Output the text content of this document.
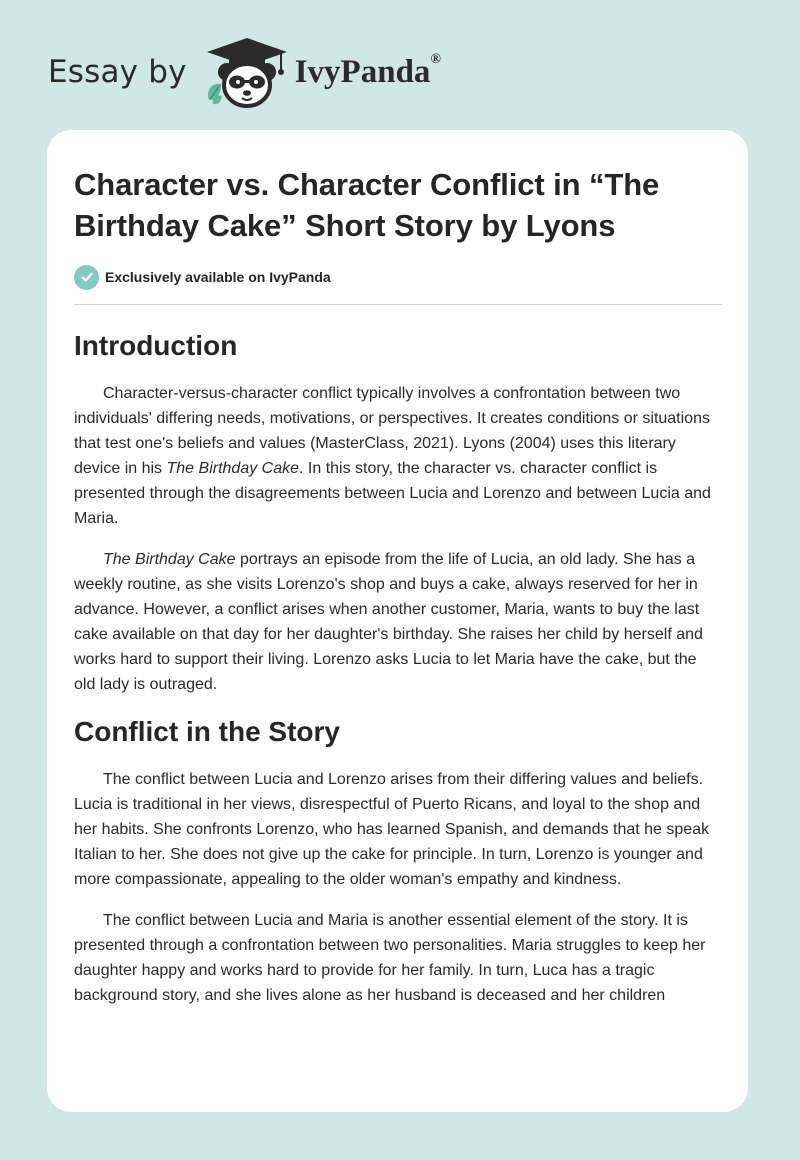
Essay by	IvyPanda®
Character vs. Character Conflict in “The Birthday Cake” Short Story by Lyons
Exclusively available on IvyPanda
Introduction

Character-versus-character conflict typically involves a confrontation between two individuals' differing needs, motivations, or perspectives. It creates conditions or situations that test one's beliefs and values (MasterClass, 2021). Lyons (2004) uses this literary device in his The Birthday Cake. In this story, the character vs. character conflict is presented through the disagreements between Lucia and Lorenzo and between Lucia and Maria.

The Birthday Cake portrays an episode from the life of Lucia, an old lady. She has a weekly routine, as she visits Lorenzo's shop and buys a cake, always reserved for her in advance. However, a conflict arises when another customer, Maria, wants to buy the last cake available on that day for her daughter's birthday. She raises her child by herself and works hard to support their living. Lorenzo asks Lucia to let Maria have the cake, but the old lady is outraged.

Conflict in the Story

The conflict between Lucia and Lorenzo arises from their differing values and beliefs. Lucia is traditional in her views, disrespectful of Puerto Ricans, and loyal to the shop and her habits. She confronts Lorenzo, who has learned Spanish, and demands that he speak Italian to her. She does not give up the cake for principle. In turn, Lorenzo is younger and more compassionate, appealing to the older woman's empathy and kindness.

The conflict between Lucia and Maria is another essential element of the story. It is presented through a confrontation between two personalities. Maria struggles to keep her daughter happy and works hard to provide for her family. In turn, Luca has a tragic background story, and she lives alone as her husband is deceased and her children
